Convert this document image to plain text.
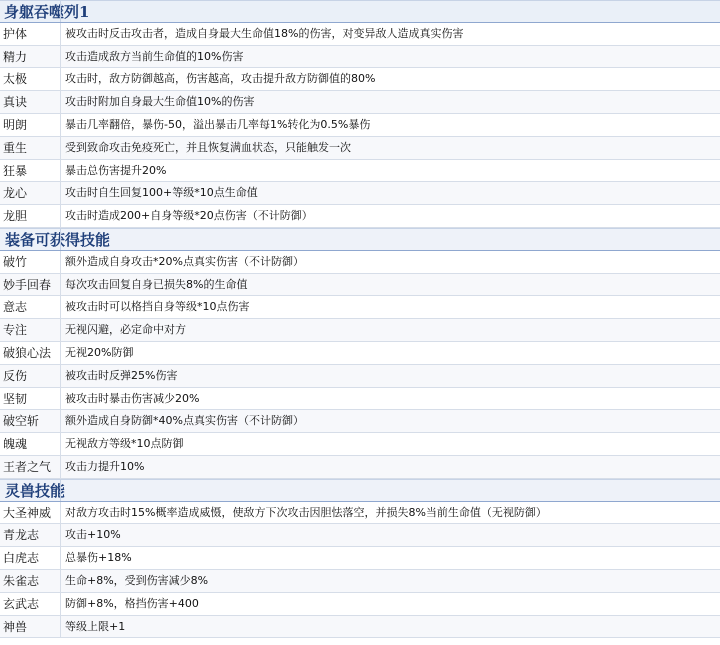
身躯吞噬列1
护体	被攻击时反击攻击者，造成自身最大生命值18%的伤害，对变异敌人造成真实伤害
精力	攻击造成敌方当前生命值的10%伤害
太极	攻击时，敌方防御越高，伤害越高，攻击提升敌方防御值的80%
真诀	攻击时附加自身最大生命值10%的伤害
明朗	暴击几率翻倍，暴伤-50，溢出暴击几率每1%转化为0.5%暴伤
重生	受到致命攻击免疫死亡，并且恢复满血状态，只能触发一次
狂暴	暴击总伤害提升20%
龙心	攻击时自生回复100+等级*10点生命值
龙胆	攻击时造成200+自身等级*20点伤害（不计防御）
装备可获得技能
破竹	额外造成自身攻击*20%点真实伤害（不计防御）
妙手回春	每次攻击回复自身已损失8%的生命值
意志	被攻击时可以格挡自身等级*10点伤害
专注	无视闪避，必定命中对方
破狼心法	无视20%防御
反伤	被攻击时反弹25%伤害
坚韧	被攻击时暴击伤害减少20%
破空斩	额外造成自身防御*40%点真实伤害（不计防御）
魄魂	无视敌方等级*10点防御
王者之气	攻击力提升10%
灵兽技能
大圣神威	对敌方攻击时15%概率造成威慑，使敌方下次攻击因胆怯落空，并损失8%当前生命值（无视防御）
青龙志	攻击+10%
白虎志	总暴伤+18%
朱雀志	生命+8%，受到伤害减少8%
玄武志	防御+8%，格挡伤害+400
神兽	等级上限+1
